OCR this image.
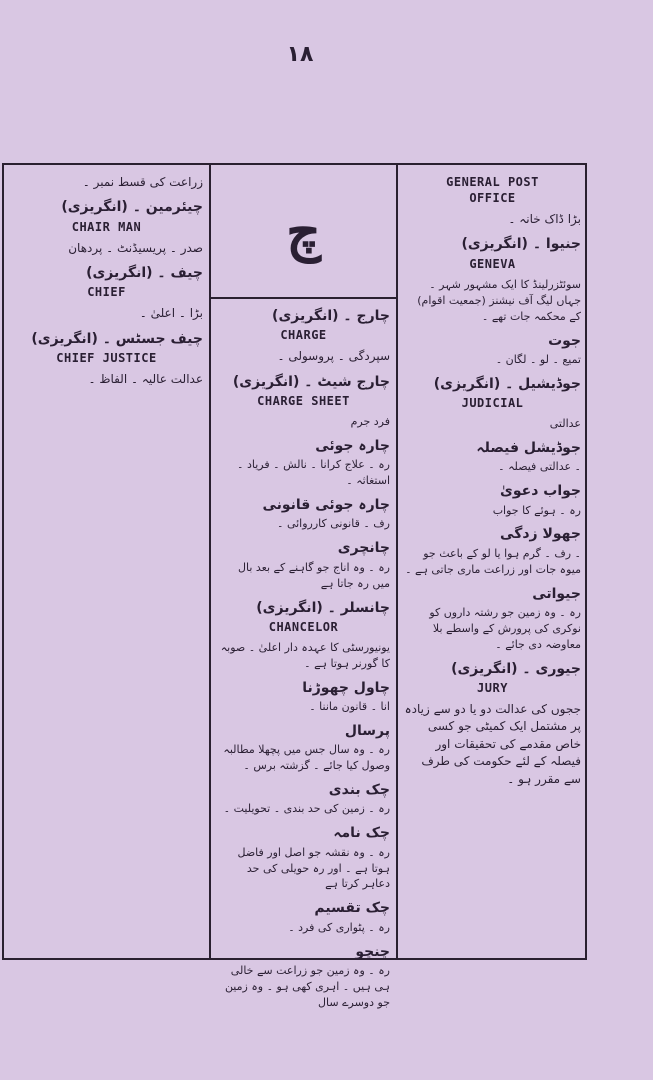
۱۸
زراعت کی قسط نمبر ۔
چیئرمین ۔ (انگریزی)
CHAIR MAN
صدر ۔ پریسیڈنٹ ۔ پردھان
چیف ۔ (انگریزی)
CHIEF
بڑا ۔ اعلیٰ ۔
چیف جسٹس ۔ (انگریزی)
CHIEF JUSTICE
عدالت عالیہ ۔ الفاظ ۔
چ
چارج ۔ (انگریزی)
CHARGE
سپردگی ۔ پروسولی ۔
چارج شیٹ ۔ (انگریزی)
CHARGE SHEET
فرد جرم
چارہ جوئی
رہ ۔ علاج کرانا ۔ نالش ۔ فریاد ۔ استغاثہ ۔
چارہ جوئی قانونی
رف ۔ قانونی کارروائی ۔
چانچری
رہ ۔ وہ اناج جو گاہنے کے بعد بال میں رہ جاتا ہے
چانسلر ۔ (انگریزی)
CHANCELOR
یونیورسٹی کا عہدہ دار اعلیٰ ۔ صوبہ کا گورنر ہوتا ہے ۔
چاول چھوڑنا
انا ۔ قانون ماننا ۔
پرسال
رہ ۔ وہ سال جس میں پچھلا مطالبہ وصول کیا جائے ۔ گزشتہ برس ۔
چک بندی
رہ ۔ زمین کی حد بندی ۔ تحویلیت ۔
چک نامہ
رہ ۔ وہ نقشہ جو اصل اور فاضل ہوتا ہے ۔ اور رہ حویلی کی حد دعاہر کرتا ہے
چک تقسیم
رہ ۔ پٹواری کی فرد ۔
چنچو
رہ ۔ وہ زمین جو زراعت سے خالی ہی ہیں ۔ اہری کھی ہو ۔ وہ زمین جو دوسرے سال
GENERAL POST
OFFICE
بڑا ڈاک خانہ ۔
جنیوا ۔ (انگریزی)
GENEVA
سوئٹزرلینڈ کا ایک مشہور شہر ۔ جہاں لیگ آف نیشنز (جمعیت اقوام) کے محکمہ جات تھے ۔
جوت
تمیع ۔ لو ۔ لگان ۔
جوڈیشیل ۔ (انگریزی)
JUDICIAL
عدالتی
جوڈیشل فیصلہ
۔ عدالتی فیصلہ ۔
جواب دعویٰ
رہ ۔ ہوئے کا جواب
جھولا زدگی
۔ رف ۔ گرم ہوا یا لو کے باعث جو میوہ جات اور زراعت ماری جاتی ہے ۔
جیواتی
رہ ۔ وہ زمین جو رشتہ داروں کو نوکری کی پرورش کے واسطے بلا معاوضہ دی جائے ۔
جیوری ۔ (انگریزی)
JURY
ججوں کی عدالت دو یا دو سے زیادہ پر مشتمل ایک کمیٹی جو کسی خاص مقدمے کی تحقیقات اور فیصلہ کے لئے حکومت کی طرف سے مقرر ہو ۔
